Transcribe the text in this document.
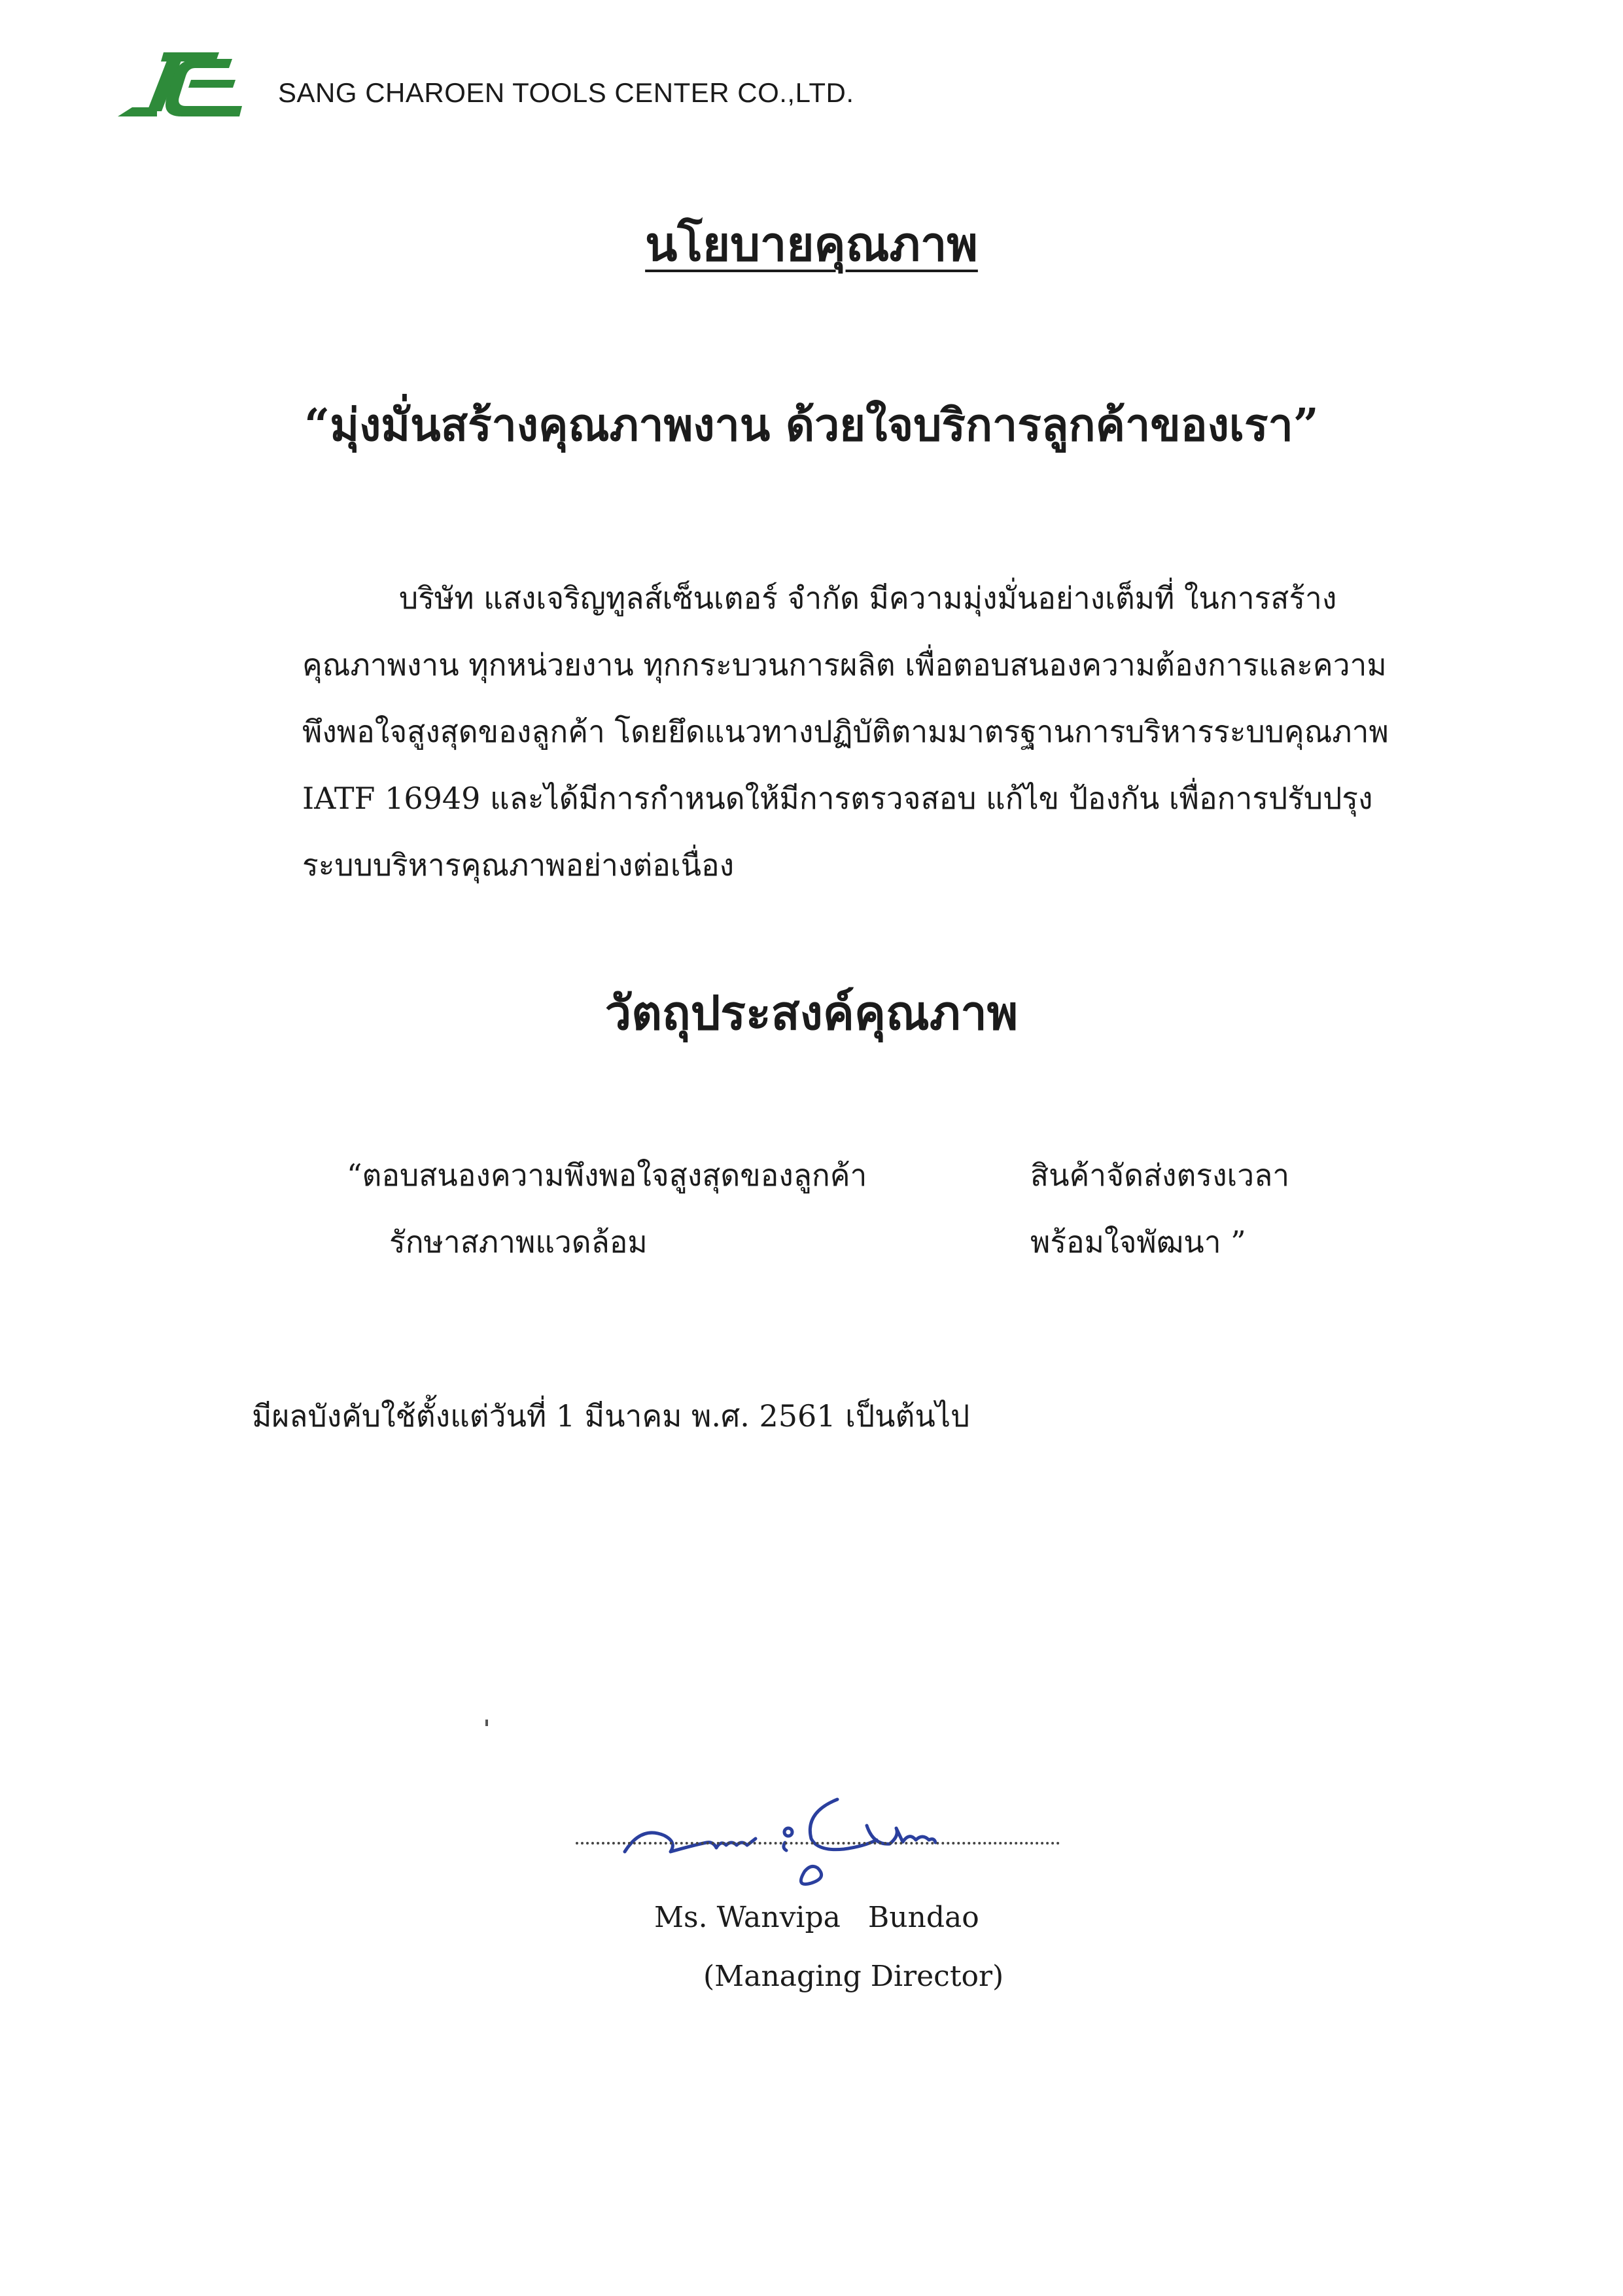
SANG CHAROEN TOOLS CENTER CO.,LTD.
นโยบายคุณภาพ
“มุ่งมั่นสร้างคุณภาพงาน ด้วยใจบริการลูกค้าของเรา”
บริษัท แสงเจริญทูลส์เซ็นเตอร์ จำกัด มีความมุ่งมั่นอย่างเต็มที่ ในการสร้าง
คุณภาพงาน ทุกหน่วยงาน ทุกกระบวนการผลิต เพื่อตอบสนองความต้องการและความ
พึงพอใจสูงสุดของลูกค้า โดยยึดแนวทางปฏิบัติตามมาตรฐานการบริหารระบบคุณภาพ
IATF 16949 และได้มีการกำหนดให้มีการตรวจสอบ แก้ไข ป้องกัน เพื่อการปรับปรุง
ระบบบริหารคุณภาพอย่างต่อเนื่อง
วัตถุประสงค์คุณภาพ
“ตอบสนองความพึงพอใจสูงสุดของลูกค้า
รักษาสภาพแวดล้อม
สินค้าจัดส่งตรงเวลา
พร้อมใจพัฒนา ”
มีผลบังคับใช้ตั้งแต่วันที่ 1 มีนาคม พ.ศ. 2561 เป็นต้นไป
Ms. Wanvipa   Bundao
(Managing Director)
